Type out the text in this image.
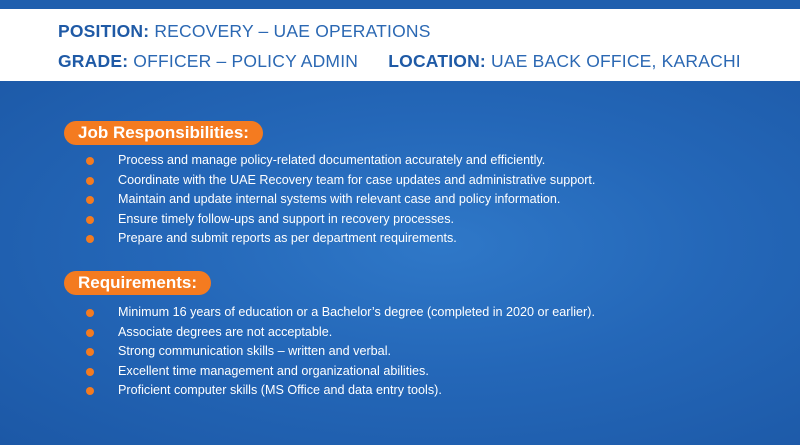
POSITION: RECOVERY – UAE OPERATIONS
GRADE: OFFICER – POLICY ADMIN LOCATION: UAE BACK OFFICE, KARACHI
Job Responsibilities:
Process and manage policy-related documentation accurately and efficiently.
Coordinate with the UAE Recovery team for case updates and administrative support.
Maintain and update internal systems with relevant case and policy information.
Ensure timely follow-ups and support in recovery processes.
Prepare and submit reports as per department requirements.
Requirements:
Minimum 16 years of education or a Bachelor’s degree (completed in 2020 or earlier).
Associate degrees are not acceptable.
Strong communication skills – written and verbal.
Excellent time management and organizational abilities.
Proficient computer skills (MS Office and data entry tools).
